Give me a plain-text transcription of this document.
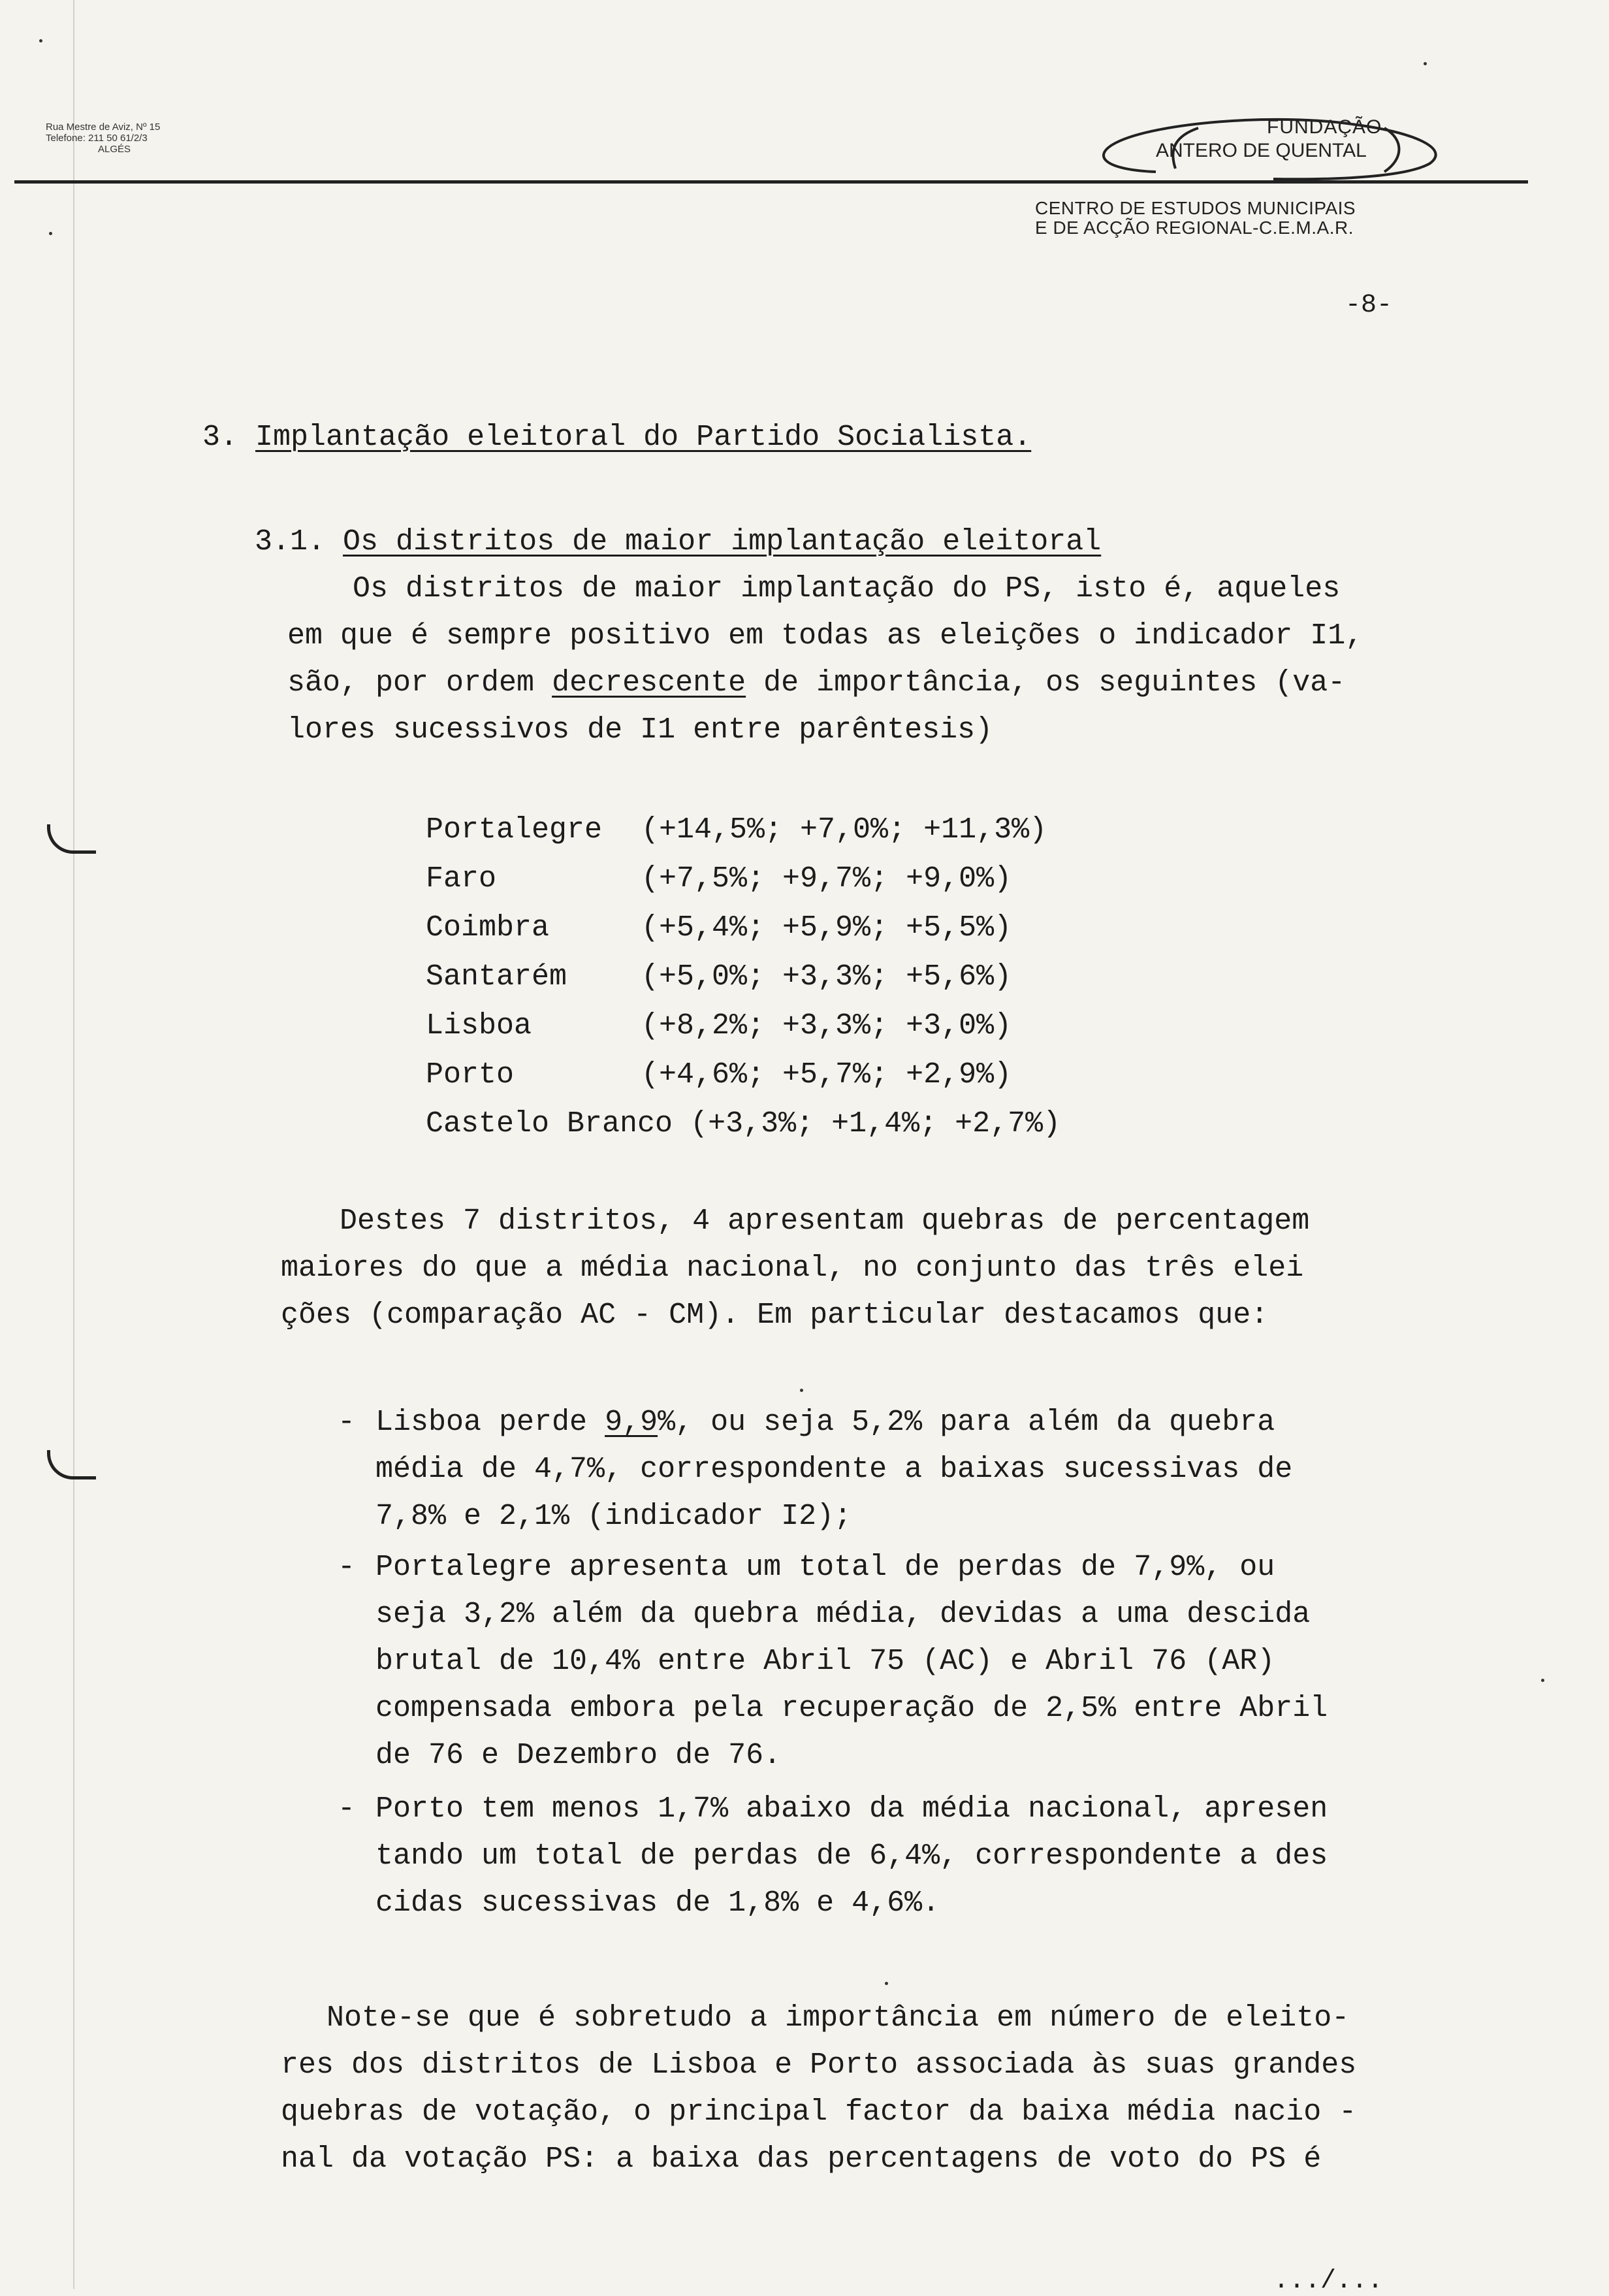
Rua Mestre de Aviz, Nº 15
Telefone: 211 50 61/2/3
ALGÉS
FUNDAÇÃO
ANTERO DE QUENTAL
CENTRO DE ESTUDOS MUNICIPAIS
E DE ACÇÃO REGIONAL-C.E.M.A.R.
-8-
3. Implantação eleitoral do Partido Socialista.
3.1. Os distritos de maior implantação eleitoral
Os distritos de maior implantação do PS, isto é, aqueles
em que é sempre positivo em todas as eleições o indicador I1,
são, por ordem decrescente de importância, os seguintes (va-
lores sucessivos de I1 entre parêntesis)
Portalegre (+14,5%; +7,0%; +11,3%)
Faro	(+7,5%; +9,7%; +9,0%)
Coimbra	(+5,4%; +5,9%; +5,5%)
Santarém	(+5,0%; +3,3%; +5,6%)
Lisboa	(+8,2%; +3,3%; +3,0%)
Porto	(+4,6%; +5,7%; +2,9%)
Castelo Branco (+3,3%; +1,4%; +2,7%)
Destes 7 distritos, 4 apresentam quebras de percentagem
maiores do que a média nacional, no conjunto das três elei
ções (comparação AC - CM). Em particular destacamos que:
- Lisboa perde 9,9%, ou seja 5,2% para além da quebra
média de 4,7%, correspondente a baixas sucessivas de
7,8% e 2,1% (indicador I2);
- Portalegre apresenta um total de perdas de 7,9%, ou
seja 3,2% além da quebra média, devidas a uma descida
brutal de 10,4% entre Abril 75 (AC) e Abril 76 (AR)
compensada embora pela recuperação de 2,5% entre Abril
de 76 e Dezembro de 76.
- Porto tem menos 1,7% abaixo da média nacional, apresen
tando um total de perdas de 6,4%, correspondente a des
cidas sucessivas de 1,8% e 4,6%.
Note-se que é sobretudo a importância em número de eleito-
res dos distritos de Lisboa e Porto associada às suas grandes
quebras de votação, o principal factor da baixa média nacio -
nal da votação PS: a baixa das percentagens de voto do PS é
.../...
